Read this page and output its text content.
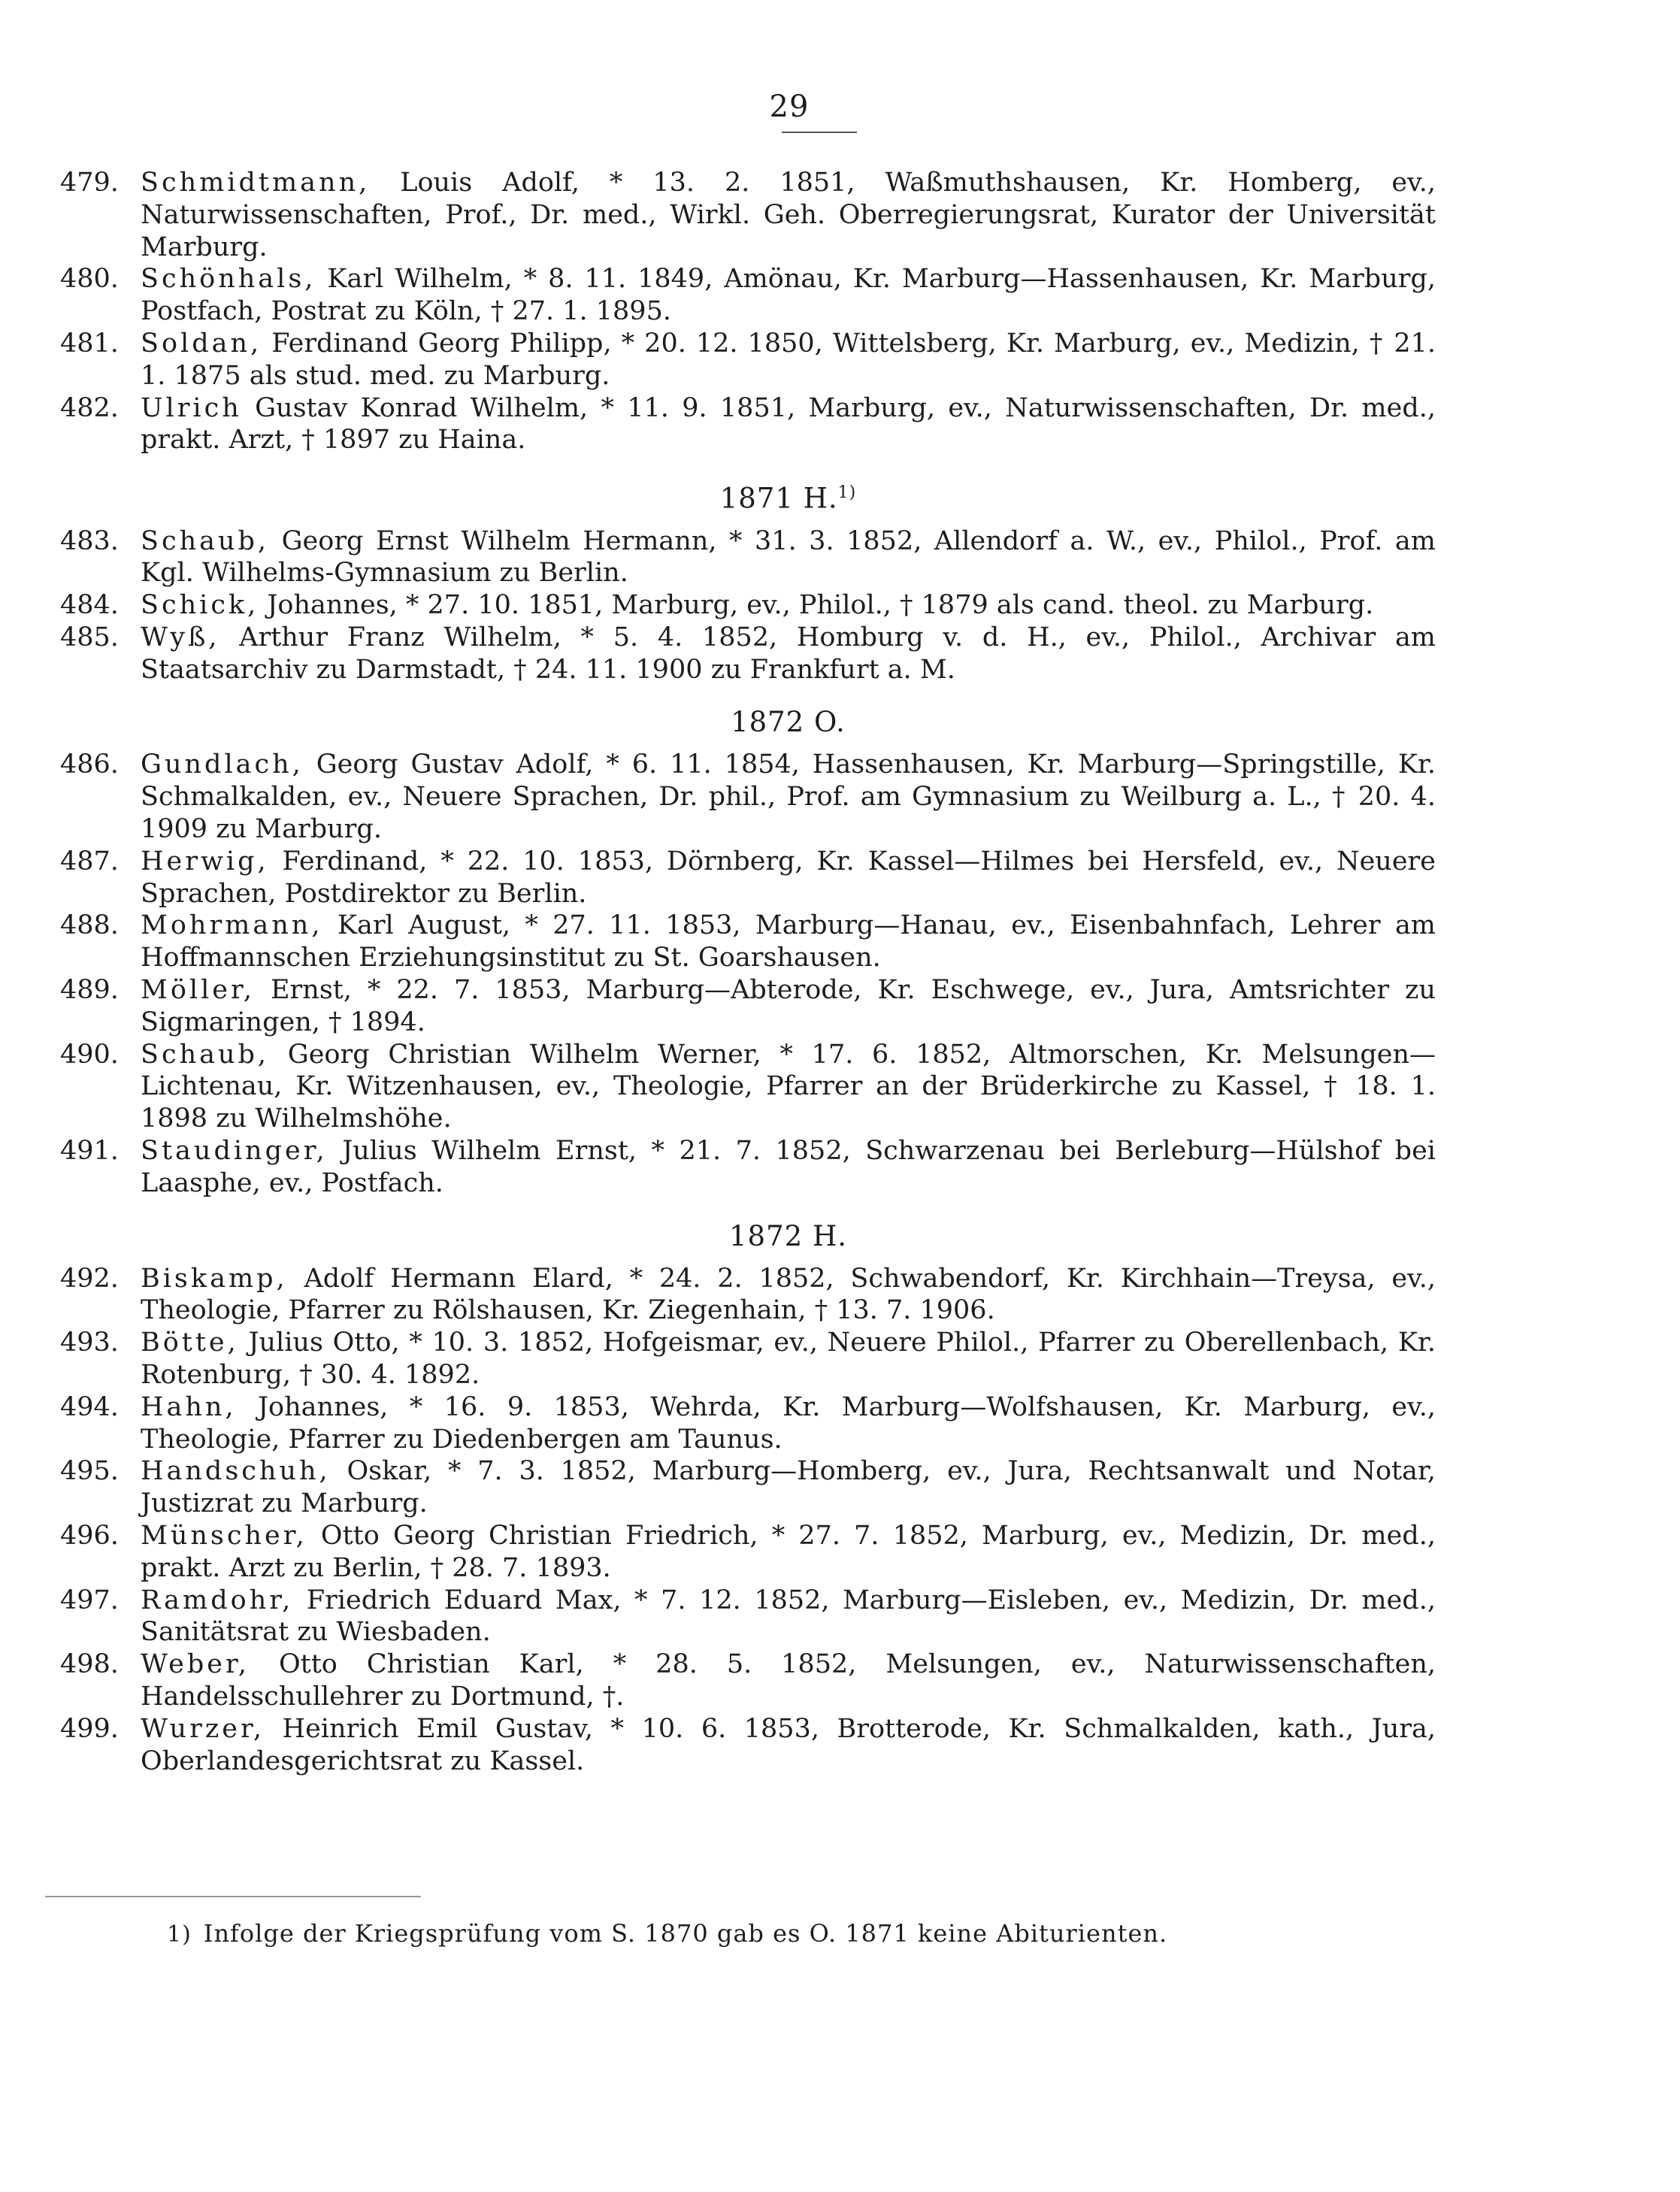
29
479. Schmidtmann, Louis Adolf, * 13. 2. 1851, Waßmuthshausen, Kr. Homberg, ev., Naturwissenschaften, Prof., Dr. med., Wirkl. Geh. Oberregierungsrat, Kurator der Universität Marburg.
480. Schönhals, Karl Wilhelm, * 8. 11. 1849, Amönau, Kr. Marburg—Hassenhausen, Kr. Marburg, Postfach, Postrat zu Köln, † 27. 1. 1895.
481. Soldan, Ferdinand Georg Philipp, * 20. 12. 1850, Wittelsberg, Kr. Marburg, ev., Medizin, † 21. 1. 1875 als stud. med. zu Marburg.
482. Ulrich Gustav Konrad Wilhelm, * 11. 9. 1851, Marburg, ev., Naturwissenschaften, Dr. med., prakt. Arzt, † 1897 zu Haina.
1871 H.$^{1)}$
483. Schaub, Georg Ernst Wilhelm Hermann, * 31. 3. 1852, Allendorf a. W., ev., Philol., Prof. am Kgl. Wilhelms-Gymnasium zu Berlin.
484. Schick, Johannes, * 27. 10. 1851, Marburg, ev., Philol., † 1879 als cand. theol. zu Marburg.
485. Wyß, Arthur Franz Wilhelm, * 5. 4. 1852, Homburg v. d. H., ev., Philol., Archivar am Staatsarchiv zu Darmstadt, † 24. 11. 1900 zu Frankfurt a. M.
1872 O.
486. Gundlach, Georg Gustav Adolf, * 6. 11. 1854, Hassenhausen, Kr. Marburg—Springstille, Kr. Schmalkalden, ev., Neuere Sprachen, Dr. phil., Prof. am Gymnasium zu Weilburg a. L., † 20. 4. 1909 zu Marburg.
487. Herwig, Ferdinand, * 22. 10. 1853, Dörnberg, Kr. Kassel—Hilmes bei Hersfeld, ev., Neuere Sprachen, Postdirektor zu Berlin.
488. Mohrmann, Karl August, * 27. 11. 1853, Marburg—Hanau, ev., Eisenbahnfach, Lehrer am Hoffmannschen Erziehungsinstitut zu St. Goarshausen.
489. Möller, Ernst, * 22. 7. 1853, Marburg—Abterode, Kr. Eschwege, ev., Jura, Amtsrichter zu Sigmaringen, † 1894.
490. Schaub, Georg Christian Wilhelm Werner, * 17. 6. 1852, Altmorschen, Kr. Melsungen—Lichtenau, Kr. Witzenhausen, ev., Theologie, Pfarrer an der Brüderkirche zu Kassel, † 18. 1. 1898 zu Wilhelmshöhe.
491. Staudinger, Julius Wilhelm Ernst, * 21. 7. 1852, Schwarzenau bei Berleburg—Hülshof bei Laasphe, ev., Postfach.
1872 H.
492. Biskamp, Adolf Hermann Elard, * 24. 2. 1852, Schwabendorf, Kr. Kirchhain—Treysa, ev., Theologie, Pfarrer zu Rölshausen, Kr. Ziegenhain, † 13. 7. 1906.
493. Bötte, Julius Otto, * 10. 3. 1852, Hofgeismar, ev., Neuere Philol., Pfarrer zu Oberellenbach, Kr. Rotenburg, † 30. 4. 1892.
494. Hahn, Johannes, * 16. 9. 1853, Wehrda, Kr. Marburg—Wolfshausen, Kr. Marburg, ev., Theologie, Pfarrer zu Diedenbergen am Taunus.
495. Handschuh, Oskar, * 7. 3. 1852, Marburg—Homberg, ev., Jura, Rechtsanwalt und Notar, Justizrat zu Marburg.
496. Münscher, Otto Georg Christian Friedrich, * 27. 7. 1852, Marburg, ev., Medizin, Dr. med., prakt. Arzt zu Berlin, † 28. 7. 1893.
497. Ramdohr, Friedrich Eduard Max, * 7. 12. 1852, Marburg—Eisleben, ev., Medizin, Dr. med., Sanitätsrat zu Wiesbaden.
498. Weber, Otto Christian Karl, * 28. 5. 1852, Melsungen, ev., Naturwissenschaften, Handelsschullehrer zu Dortmund, †.
499. Wurzer, Heinrich Emil Gustav, * 10. 6. 1853, Brotterode, Kr. Schmalkalden, kath., Jura, Oberlandesgerichtsrat zu Kassel.
1) Infolge der Kriegsprüfung vom S. 1870 gab es O. 1871 keine Abiturienten.
